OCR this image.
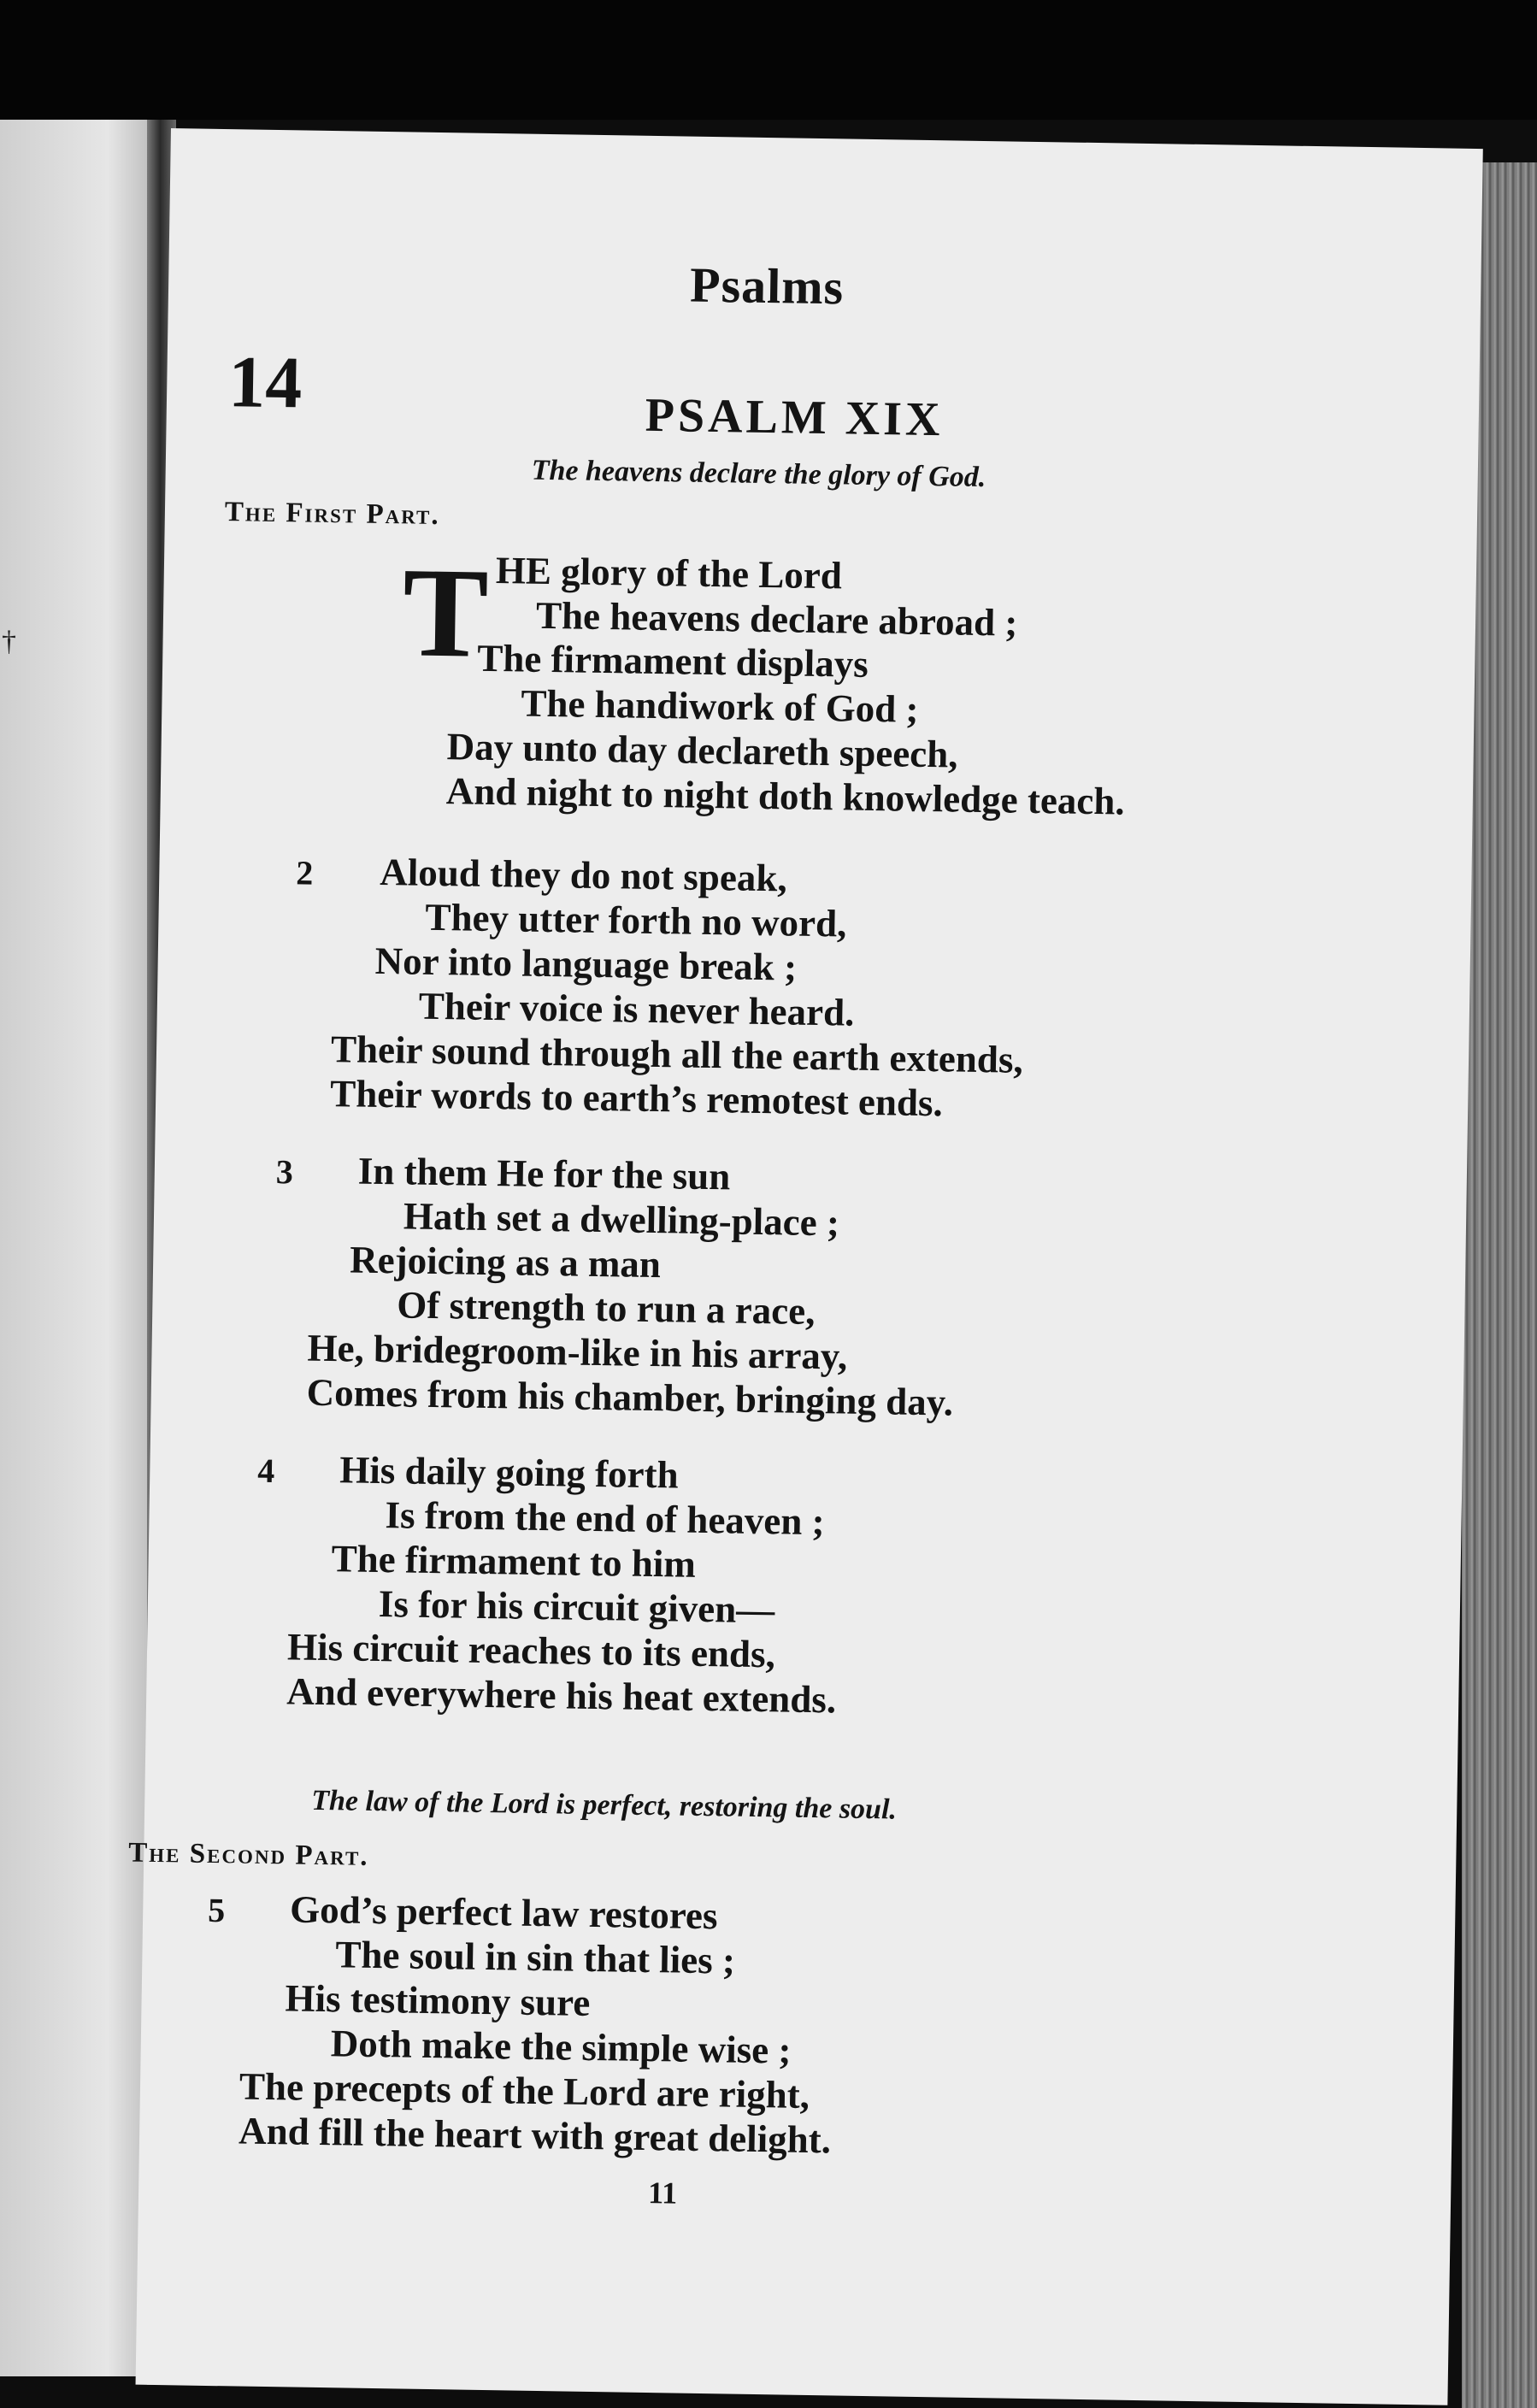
†
Psalms
14	PSALM XIX
The heavens declare the glory of God.
The First Part.
T HE glory of the Lord
The heavens declare abroad ;
The firmament displays
The handiwork of God ;
Day unto day declareth speech,
And night to night doth knowledge teach.
2 Aloud they do not speak,
They utter forth no word,
Nor into language break ;
Their voice is never heard.
Their sound through all the earth extends,
Their words to earth’s remotest ends.
3 In them He for the sun
Hath set a dwelling-place ;
Rejoicing as a man
Of strength to run a race,
He, bridegroom-like in his array,
Comes from his chamber, bringing day.
4 His daily going forth
Is from the end of heaven ;
The firmament to him
Is for his circuit given—
His circuit reaches to its ends,
And everywhere his heat extends.
The law of the Lord is perfect, restoring the soul.
The Second Part.
5 God’s perfect law restores
The soul in sin that lies ;
His testimony sure
Doth make the simple wise ;
The precepts of the Lord are right,
And fill the heart with great delight.
11
